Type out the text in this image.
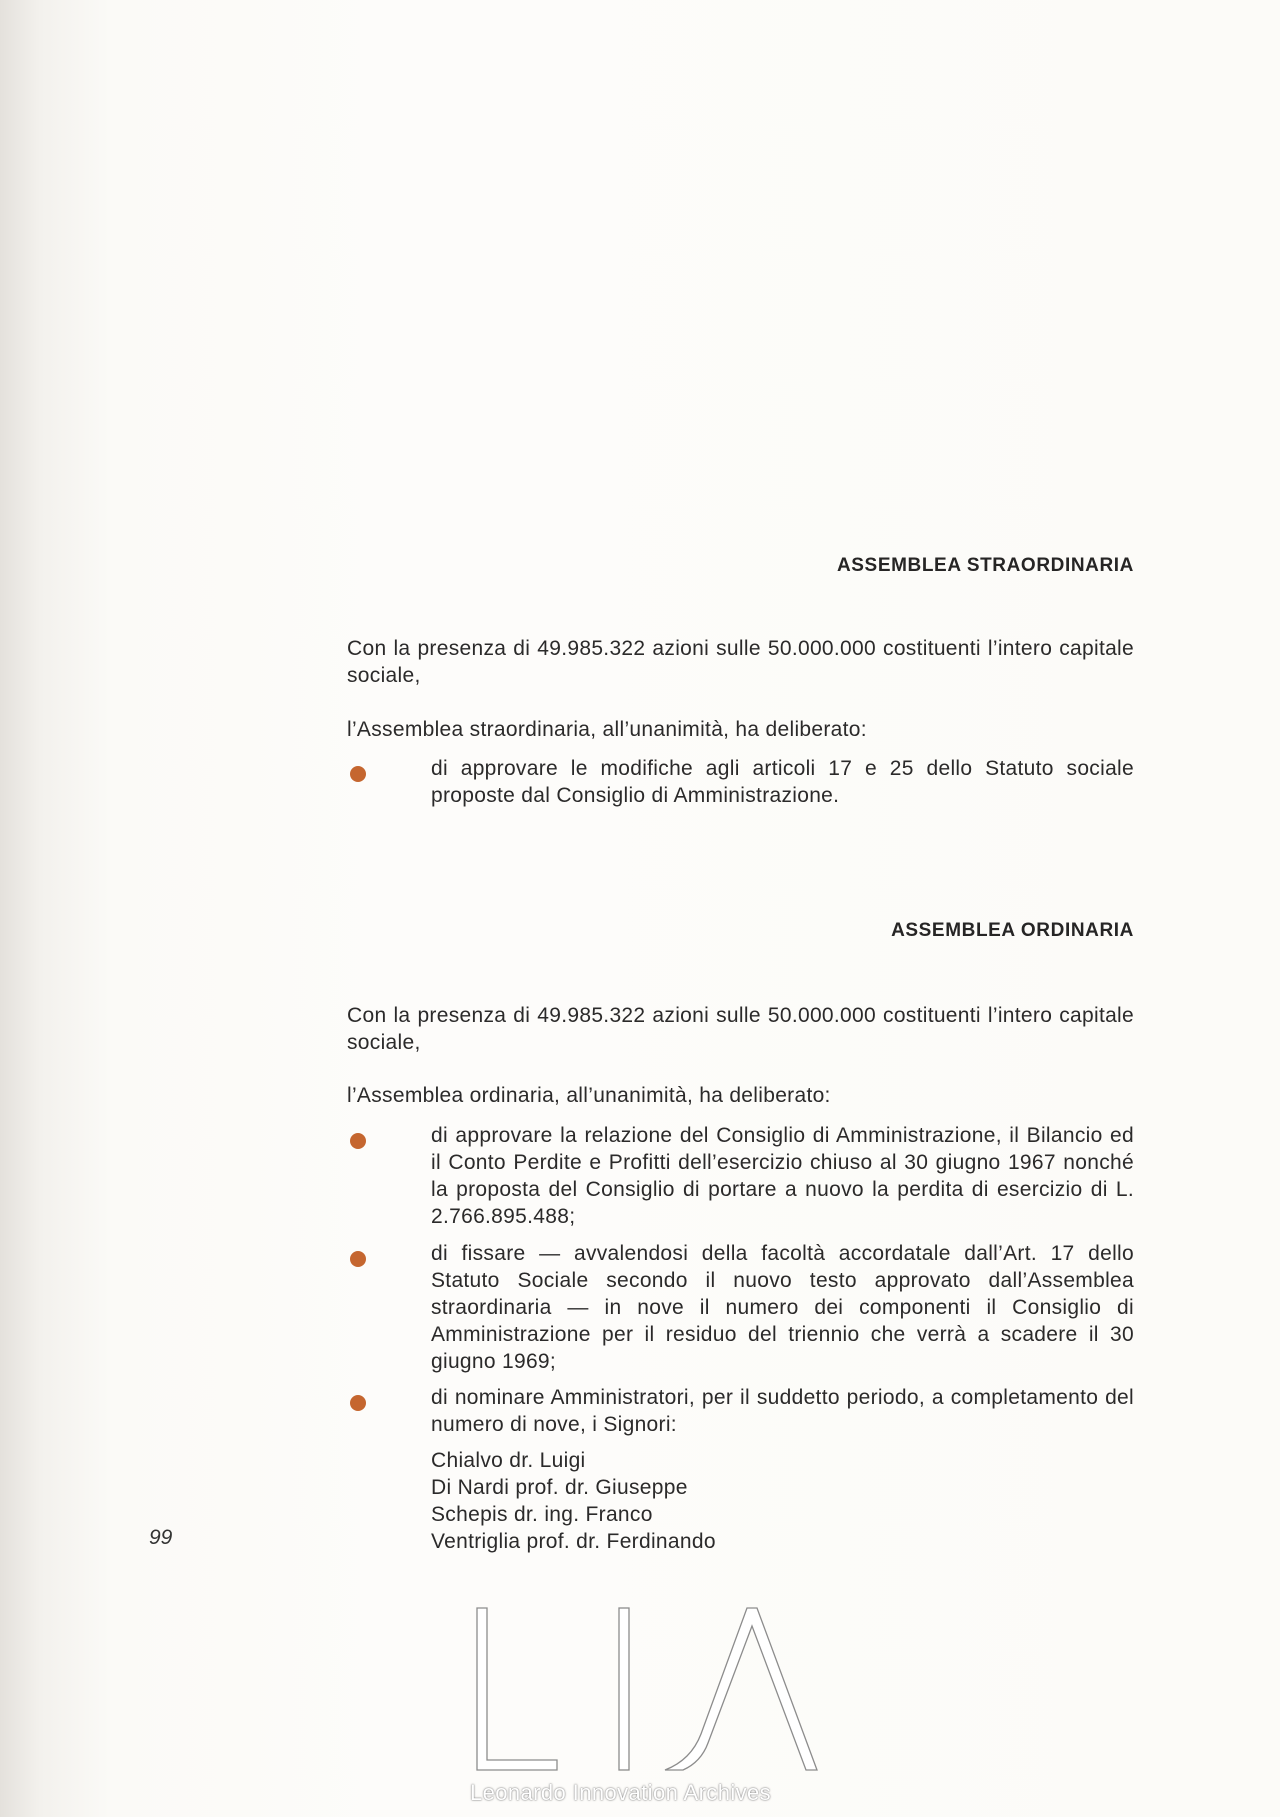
ASSEMBLEA STRAORDINARIA
Con la presenza di 49.985.322 azioni sulle 50.000.000 costituenti l’intero capitale sociale,
l’Assemblea straordinaria, all’unanimità, ha deliberato:
di approvare le modifiche agli articoli 17 e 25 dello Statuto sociale proposte dal Consiglio di Amministrazione.
ASSEMBLEA ORDINARIA
Con la presenza di 49.985.322 azioni sulle 50.000.000 costituenti l’intero capitale sociale,
l’Assemblea ordinaria, all’unanimità, ha deliberato:
di approvare la relazione del Consiglio di Amministrazione, il Bilancio ed il Conto Perdite e Profitti dell’esercizio chiuso al 30 giugno 1967 nonché la proposta del Consiglio di portare a nuovo la perdita di esercizio di L. 2.766.895.488;
di fissare — avvalendosi della facoltà accordatale dall’Art. 17 dello Statuto Sociale secondo il nuovo testo approvato dall’Assemblea straordinaria — in nove il numero dei componenti il Consiglio di Amministrazione per il residuo del triennio che verrà a scadere il 30 giugno 1969;
di nominare Amministratori, per il suddetto periodo, a completamento del numero di nove, i Signori:
Chialvo dr. Luigi
Di Nardi prof. dr. Giuseppe
Schepis dr. ing. Franco
Ventriglia prof. dr. Ferdinando
99
Leonardo Innovation Archives
